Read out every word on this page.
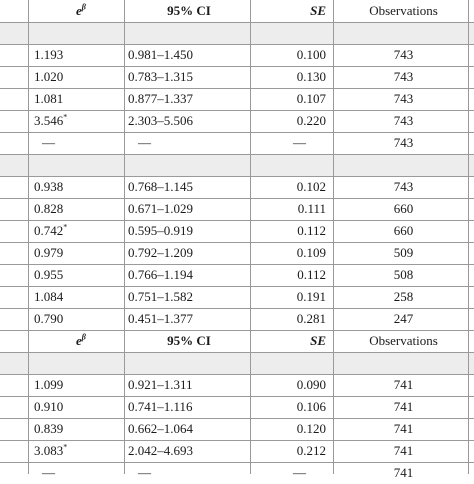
$e^\beta$	95% CI	SE	Observations
1.193	0.981–1.450	0.100	743
1.020	0.783–1.315	0.130	743
1.081	0.877–1.337	0.107	743
3.546*	2.303–5.506	0.220	743
—	—	—	743
0.938	0.768–1.145	0.102	743
0.828	0.671–1.029	0.111	660
0.742*	0.595–0.919	0.112	660
0.979	0.792–1.209	0.109	509
0.955	0.766–1.194	0.112	508
1.084	0.751–1.582	0.191	258
0.790	0.451–1.377	0.281	247
$e^\beta$	95% CI	SE	Observations
1.099	0.921–1.311	0.090	741
0.910	0.741–1.116	0.106	741
0.839	0.662–1.064	0.120	741
3.083*	2.042–4.693	0.212	741
—	—	—	741
